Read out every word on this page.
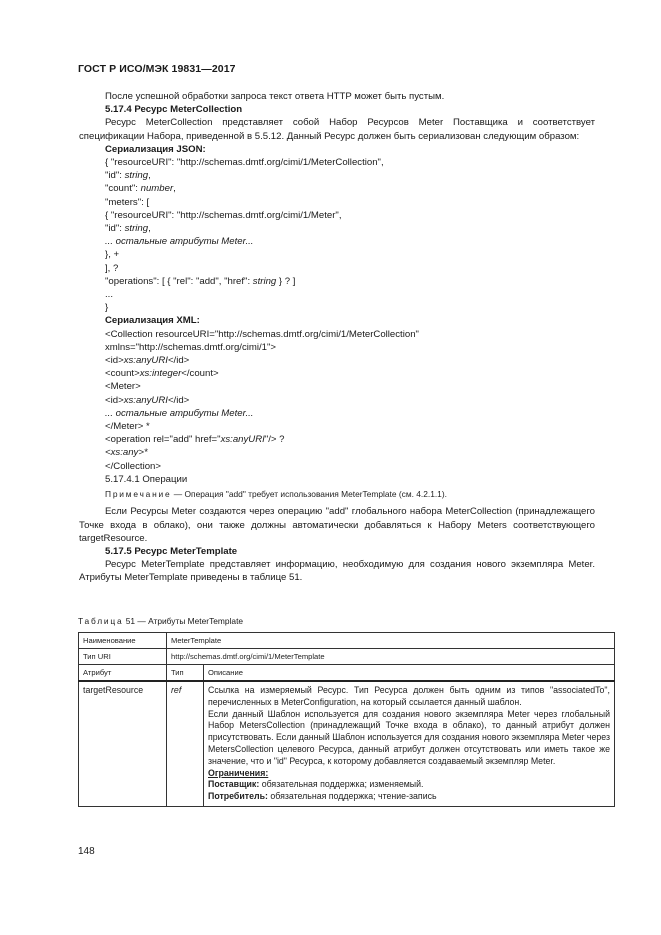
ГОСТ Р ИСО/МЭК 19831—2017

После успешной обработки запроса текст ответа HTTP может быть пустым.

5.17.4 Ресурс MeterCollection

Ресурс MeterCollection представляет собой Набор Ресурсов Meter Поставщика и соответствует спецификации Набора, приведенной в 5.5.12. Данный Ресурс должен быть сериализован следующим образом:

Сериализация JSON:

{ "resourceURI": "http://schemas.dmtf.org/cimi/1/MeterCollection",

"id": string,

"count": number,

"meters": [

{ "resourceURI": "http://schemas.dmtf.org/cimi/1/Meter",

"id": string,

... остальные атрибуты Meter...

}, +

], ?

"operations": [ { "rel": "add", "href": string } ? ]

...

}

Сериализация XML:

<Collection resourceURI="http://schemas.dmtf.org/cimi/1/MeterCollection"

xmlns="http://schemas.dmtf.org/cimi/1">

<id>xs:anyURI</id>

<count>xs:integer</count>

<Meter>

<id>xs:anyURI</id>

... остальные атрибуты Meter...

</Meter> *

<operation rel="add" href="xs:anyURI"/> ?

<xs:any>*

</Collection>

5.17.4.1 Операции

Примечание — Операция "add" требует использования MeterTemplate (см. 4.2.1.1).

Если Ресурсы Meter создаются через операцию "add" глобального набора MeterCollection (принадлежащего Точке входа в облако), они также должны автоматически добавляться к Набору Meters соответствующего targetResource.

5.17.5 Ресурс MeterTemplate

Ресурс MeterTemplate представляет информацию, необходимую для создания нового экземпляра Meter. Атрибуты MeterTemplate приведены в таблице 51.

Таблица 51 — Атрибуты MeterTemplate
Наименование	MeterTemplate	
Тип URI	http://schemas.dmtf.org/cimi/1/MeterTemplate	
Атрибут	Тип	Описание
targetResource	ref	Ссылка на измеряемый Ресурс. Тип Ресурса должен быть одним из типов "associatedTo", перечисленных в MeterConfiguration, на который ссылается данный шаблон.
Если данный Шаблон используется для создания нового экземпляра Meter через глобальный Набор MetersCollection (принадлежащий Точке входа в облако), то данный атрибут должен присутствовать. Если данный Шаблон используется для создания нового экземпляра Meter через MetersCollection целевого Ресурса, данный атрибут должен отсутствовать или иметь такое же значение, что и "id" Ресурса, к которому добавляется создаваемый экземпляр Meter.
Ограничения:
Поставщик: обязательная поддержка; изменяемый.
Потребитель: обязательная поддержка; чтение-запись
148
